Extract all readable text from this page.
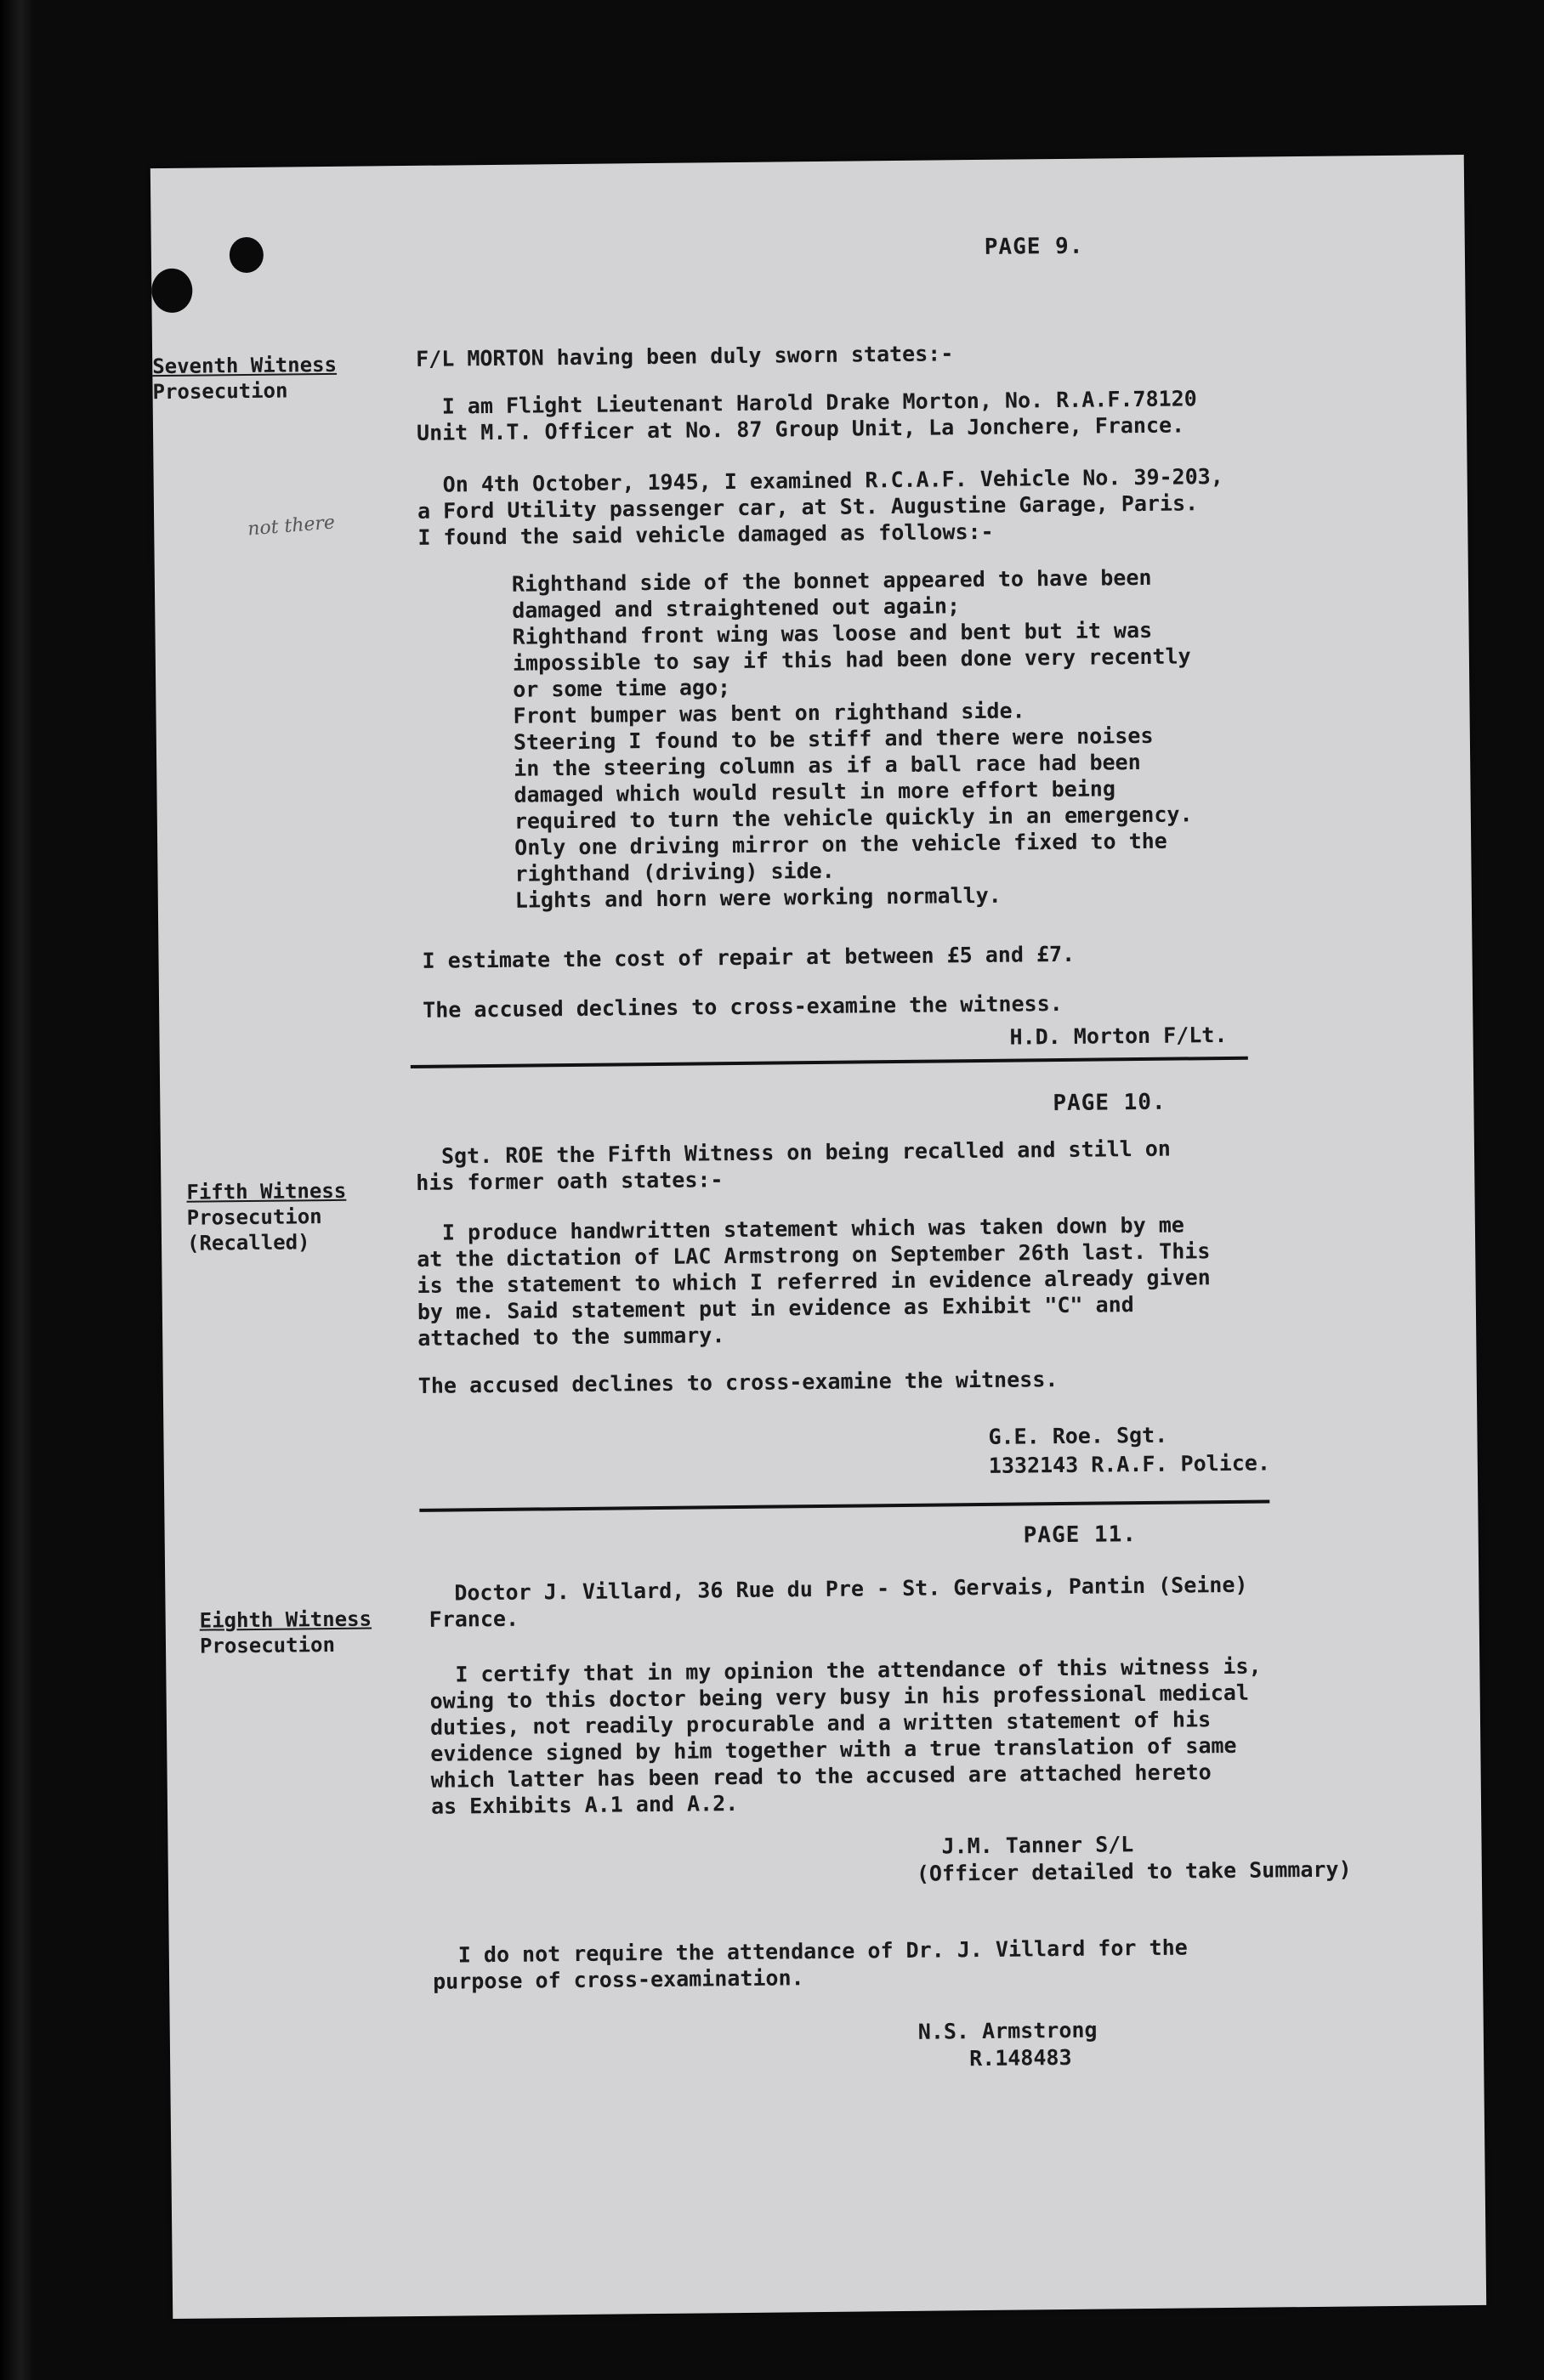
PAGE 9.
Seventh Witness
Prosecution
F/L MORTON having been duly sworn states:-
I am Flight Lieutenant Harold Drake Morton, No. R.A.F.78120
Unit M.T. Officer at No. 87 Group Unit, La Jonchere, France.
On 4th October, 1945, I examined R.C.A.F. Vehicle No. 39-203,
a Ford Utility passenger car, at St. Augustine Garage, Paris.
I found the said vehicle damaged as follows:-
not there
Righthand side of the bonnet appeared to have been
damaged and straightened out again;
Righthand front wing was loose and bent but it was
impossible to say if this had been done very recently
or some time ago;
Front bumper was bent on righthand side.
Steering I found to be stiff and there were noises
in the steering column as if a ball race had been
damaged which would result in more effort being
required to turn the vehicle quickly in an emergency.
Only one driving mirror on the vehicle fixed to the
righthand (driving) side.
Lights and horn were working normally.
I estimate the cost of repair at between £5 and £7.
The accused declines to cross-examine the witness.
H.D. Morton F/Lt.
PAGE 10.
Fifth Witness
Prosecution
(Recalled)
Sgt. ROE the Fifth Witness on being recalled and still on
his former oath states:-
I produce handwritten statement which was taken down by me
at the dictation of LAC Armstrong on September 26th last. This
is the statement to which I referred in evidence already given
by me. Said statement put in evidence as Exhibit "C" and
attached to the summary.
The accused declines to cross-examine the witness.
G.E. Roe. Sgt.
1332143 R.A.F. Police.
PAGE 11.
Eighth Witness
Prosecution
Doctor J. Villard, 36 Rue du Pre - St. Gervais, Pantin (Seine)
France.
I certify that in my opinion the attendance of this witness is,
owing to this doctor being very busy in his professional medical
duties, not readily procurable and a written statement of his
evidence signed by him together with a true translation of same
which latter has been read to the accused are attached hereto
as Exhibits A.1 and A.2.
J.M. Tanner S/L
(Officer detailed to take Summary)
I do not require the attendance of Dr. J. Villard for the
purpose of cross-examination.
N.S. Armstrong
R.148483
